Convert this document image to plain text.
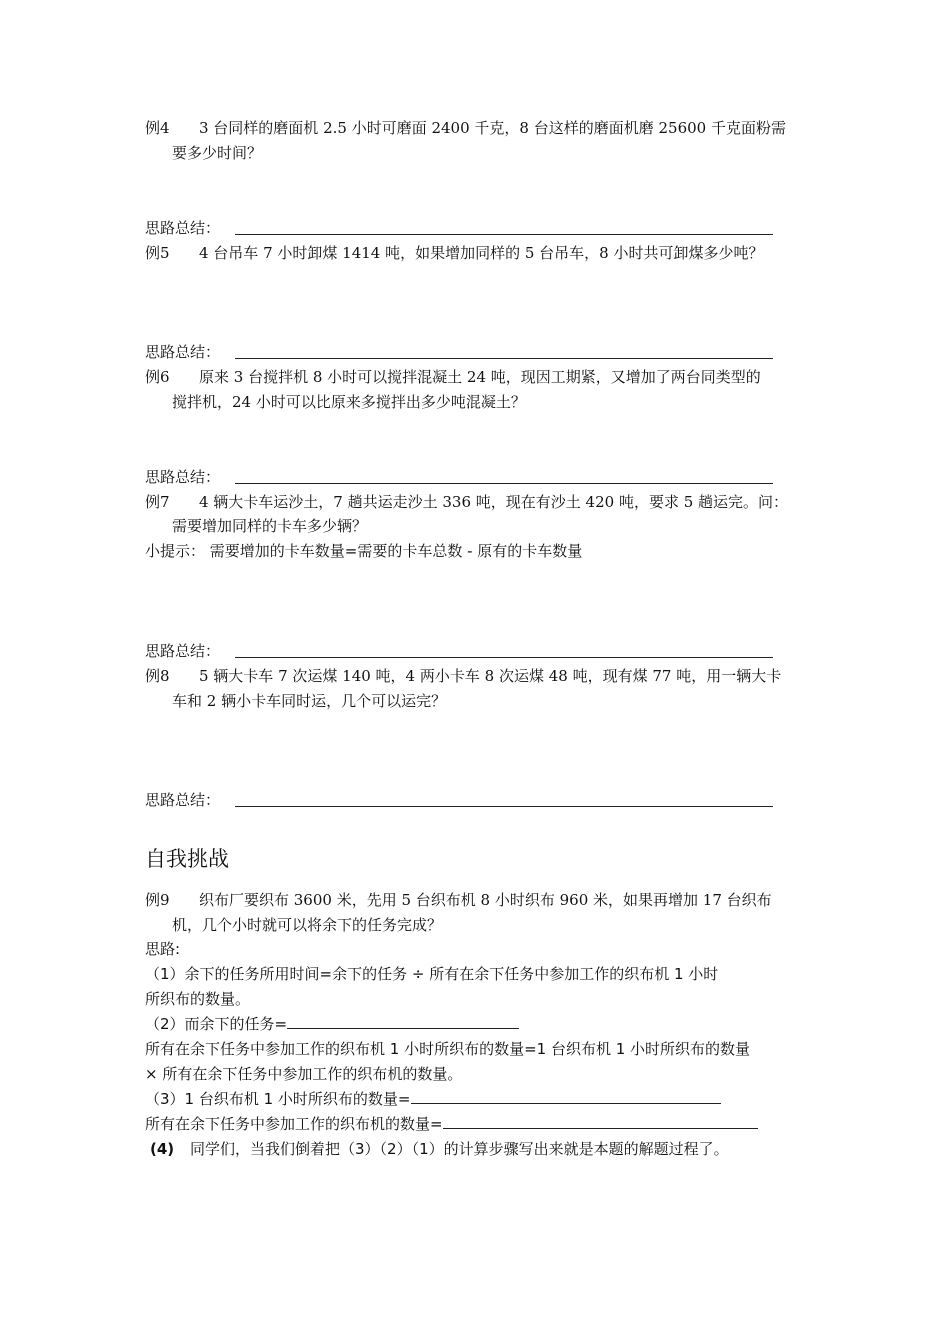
例4 3 台同样的磨面机 2.5 小时可磨面 2400 千克，8 台这样的磨面机磨 25600 千克面粉需
要多少时间？
思路总结：
例5 4 台吊车 7 小时卸煤 1414 吨，如果增加同样的 5 台吊车，8 小时共可卸煤多少吨？
思路总结：
例6 原来 3 台搅拌机 8 小时可以搅拌混凝土 24 吨，现因工期紧，又增加了两台同类型的
搅拌机，24 小时可以比原来多搅拌出多少吨混凝土？
思路总结：
例7 4 辆大卡车运沙土，7 趟共运走沙土 336 吨，现在有沙土 420 吨，要求 5 趟运完。问：
需要增加同样的卡车多少辆？
小提示： 需要增加的卡车数量=需要的卡车总数 - 原有的卡车数量
思路总结：
例8 5 辆大卡车 7 次运煤 140 吨，4 两小卡车 8 次运煤 48 吨，现有煤 77 吨，用一辆大卡
车和 2 辆小卡车同时运，几个可以运完？
思路总结：
自我挑战
例9 织布厂要织布 3600 米，先用 5 台织布机 8 小时织布 960 米，如果再增加 17 台织布
机，几个小时就可以将余下的任务完成？
思路:
（1）余下的任务所用时间=余下的任务 ÷ 所有在余下任务中参加工作的织布机 1 小时
所织布的数量。
（2）而余下的任务=
所有在余下任务中参加工作的织布机 1 小时所织布的数量=1 台织布机 1 小时所织布的数量
× 所有在余下任务中参加工作的织布机的数量。
（3）1 台织布机 1 小时所织布的数量=
所有在余下任务中参加工作的织布机的数量=
(4) 同学们，当我们倒着把（3）（2）（1）的计算步骤写出来就是本题的解题过程了。
